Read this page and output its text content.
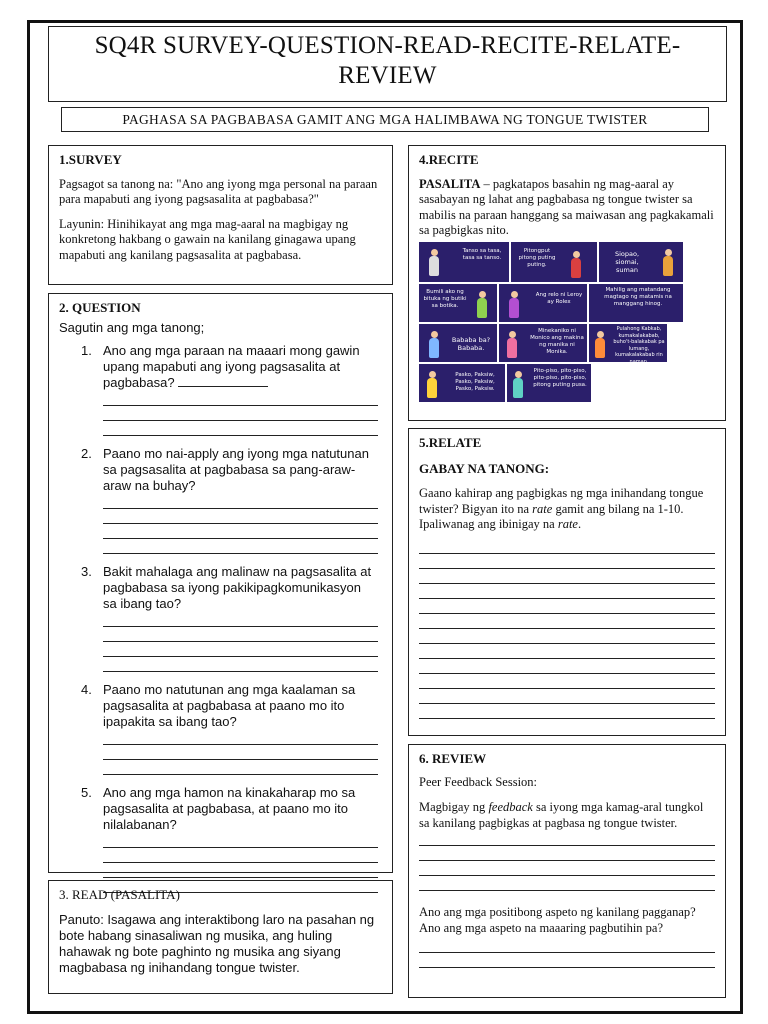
SQ4R SURVEY-QUESTION-READ-RECITE-RELATE-
REVIEW
PAGHASA SA PAGBABASA GAMIT ANG MGA HALIMBAWA NG TONGUE TWISTER
1.SURVEY

Pagsagot sa tanong na: "Ano ang iyong mga personal na paraan para mapabuti ang iyong pagsasalita at pagbabasa?"

Layunin: Hinihikayat ang mga mag-aaral na magbigay ng konkretong hakbang o gawain na kanilang ginagawa upang mapabuti ang kanilang pagsasalita at pagbabasa.

2. QUESTION
Sagutin ang mga tanong;
1. Ano ang mga paraan na maaari mong gawin upang mapabuti ang iyong pagsasalita at pagbabasa?
2. Paano mo nai-apply ang iyong mga natutunan sa pagsasalita at pagbabasa sa pang-araw-araw na buhay?
3. Bakit mahalaga ang malinaw na pagsasalita at pagbabasa sa iyong pakikipagkomunikasyon sa ibang tao?
4. Paano mo natutunan ang mga kaalaman sa pagsasalita at pagbabasa at paano mo ito ipapakita sa ibang tao?
5. Ano ang mga hamon na kinakaharap mo sa pagsasalita at pagbabasa, at paano mo ito nilalabanan?
3. READ (PASALITA)
Panuto: Isagawa ang interaktibong laro na pasahan ng bote habang sinasaliwan ng musika, ang huling hahawak ng bote paghinto ng musika ang siyang magbabasa ng inihandang tongue twister.
4.RECITE

PASALITA – pagkatapos basahin ng mag-aaral ay sasabayan ng lahat ang pagbabasa ng tongue twister sa mabilis na paraan hanggang sa maiwasan ang pagkakamali sa pagbigkas nito.

Tanso sa tasa, tasa sa tanso.
Pitongput pitong puting puting.
Siopao, siomai, suman
Bumili ako ng bituka ng butiki sa botika.
Ang relo ni Leroy ay Rolex
Mahilig ang matandang magtago ng matamis na manggang hinog.
Bababa ba? Bababa.
Minekaniko ni Monico ang makina ng manika ni Monika.
Pulahong Kabkab, kumakalakabab, buho't-balakabak pa lumang, kumakalakabab rin naman.
Pasko, Paksiw, Pasko, Paksiw, Pasko, Paksiw.
Pito-piso, pito-piso, pito-piso, pito-piso, pitong puting pusa.
5.RELATE
GABAY NA TANONG:

Gaano kahirap ang pagbigkas ng mga inihandang tongue twister? Bigyan ito na rate gamit ang bilang na 1-10. Ipaliwanag ang ibinigay na rate.

6. REVIEW

Peer Feedback Session:

Magbigay ng feedback sa iyong mga kamag-aral tungkol sa kanilang pagbigkas at pagbasa ng tongue twister.

Ano ang mga positibong aspeto ng kanilang pagganap? Ano ang mga aspeto na maaaring pagbutihin pa?
